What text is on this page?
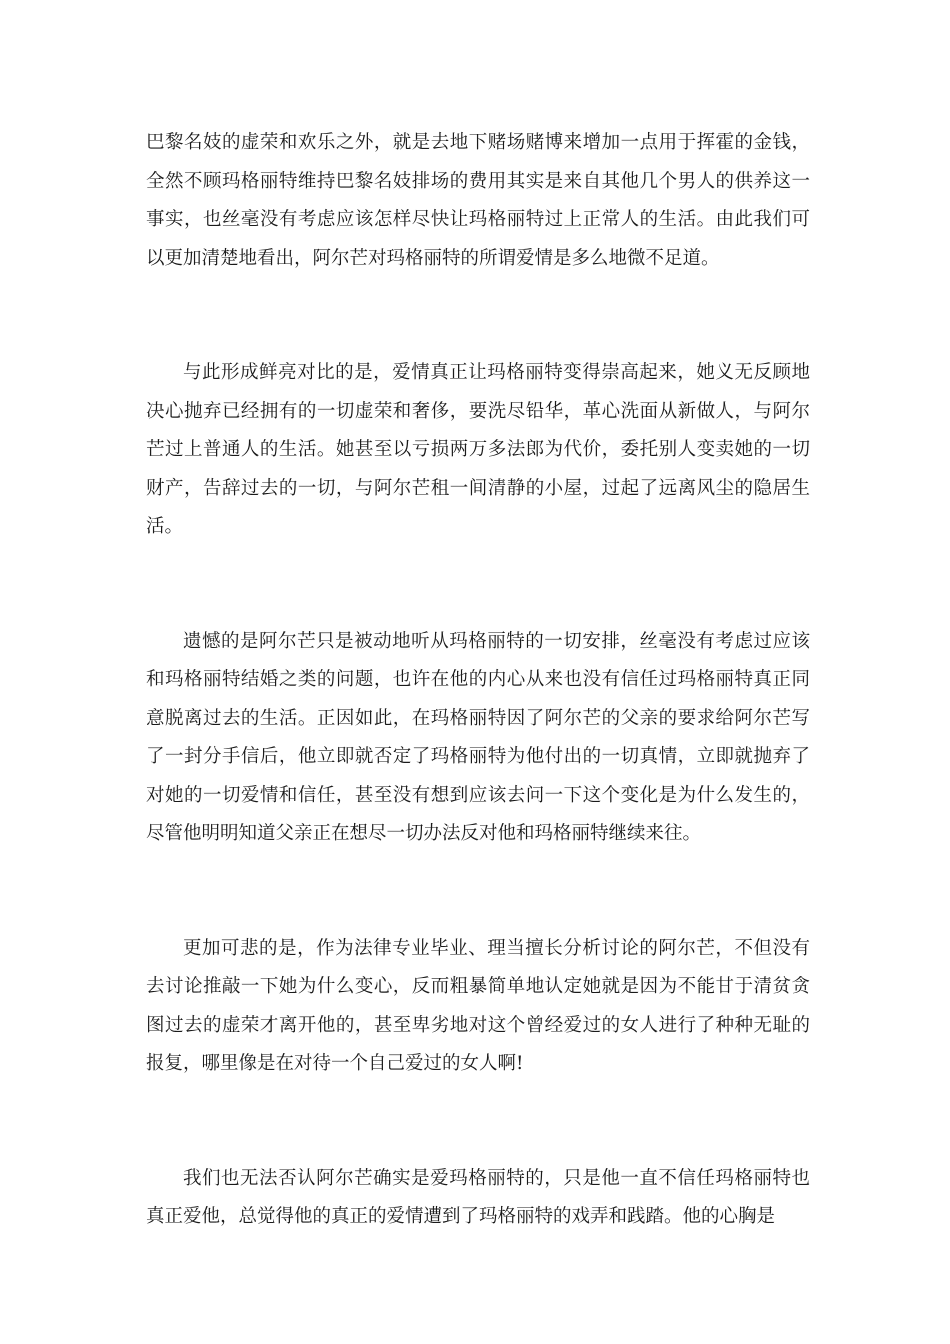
巴黎名妓的虚荣和欢乐之外，就是去地下赌场赌博来增加一点用于挥霍的金钱，全然不顾玛格丽特维持巴黎名妓排场的费用其实是来自其他几个男人的供养这一事实，也丝毫没有考虑应该怎样尽快让玛格丽特过上正常人的生活。由此我们可以更加清楚地看出，阿尔芒对玛格丽特的所谓爱情是多么地微不足道。

与此形成鲜亮对比的是，爱情真正让玛格丽特变得崇高起来，她义无反顾地决心抛弃已经拥有的一切虚荣和奢侈，要洗尽铅华，革心洗面从新做人，与阿尔芒过上普通人的生活。她甚至以亏损两万多法郎为代价，委托别人变卖她的一切财产，告辞过去的一切，与阿尔芒租一间清静的小屋，过起了远离风尘的隐居生活。

遗憾的是阿尔芒只是被动地听从玛格丽特的一切安排，丝毫没有考虑过应该和玛格丽特结婚之类的问题，也许在他的内心从来也没有信任过玛格丽特真正同意脱离过去的生活。正因如此，在玛格丽特因了阿尔芒的父亲的要求给阿尔芒写了一封分手信后，他立即就否定了玛格丽特为他付出的一切真情，立即就抛弃了对她的一切爱情和信任，甚至没有想到应该去问一下这个变化是为什么发生的，尽管他明明知道父亲正在想尽一切办法反对他和玛格丽特继续来往。

更加可悲的是，作为法律专业毕业、理当擅长分析讨论的阿尔芒，不但没有去讨论推敲一下她为什么变心，反而粗暴简单地认定她就是因为不能甘于清贫贪图过去的虚荣才离开他的，甚至卑劣地对这个曾经爱过的女人进行了种种无耻的报复，哪里像是在对待一个自己爱过的女人啊!

我们也无法否认阿尔芒确实是爱玛格丽特的，只是他一直不信任玛格丽特也真正爱他，总觉得他的真正的爱情遭到了玛格丽特的戏弄和践踏。他的心胸是
